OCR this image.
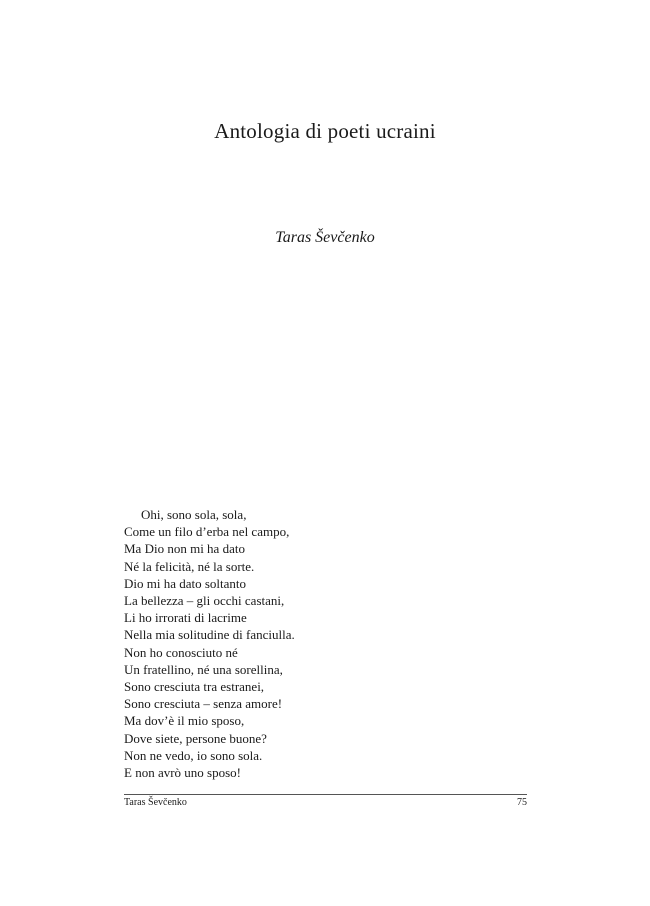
Antologia di poeti ucraini
Taras Ševčenko
Ohi, sono sola, sola,
Come un filo d’erba nel campo,
Ma Dio non mi ha dato
Né la felicità, né la sorte.
Dio mi ha dato soltanto
La bellezza – gli occhi castani,
Li ho irrorati di lacrime
Nella mia solitudine di fanciulla.
Non ho conosciuto né
Un fratellino, né una sorellina,
Sono cresciuta tra estranei,
Sono cresciuta – senza amore!
Ma dov’è il mio sposo,
Dove siete, persone buone?
Non ne vedo, io sono sola.
E non avrò uno sposo!
Taras Ševčenko	75
